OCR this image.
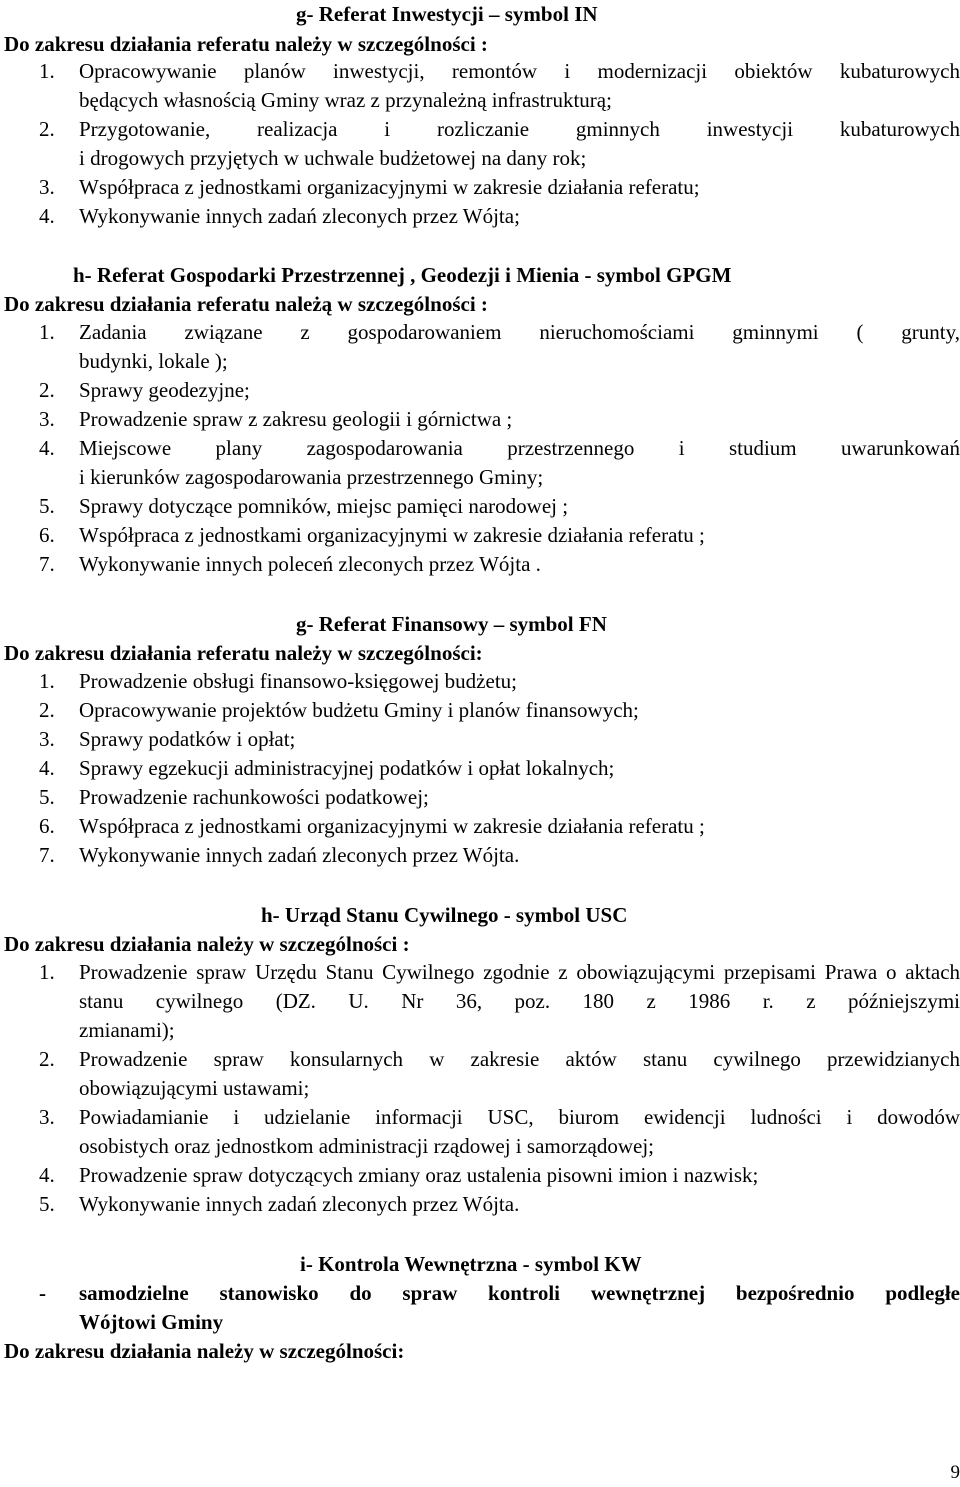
g- Referat Inwestycji – symbol IN
Do zakresu działania referatu należy w szczególności :
1. Opracowywanie planów inwestycji, remontów i modernizacji obiektów kubaturowych
będących własnością Gminy wraz z przynależną infrastrukturą;
2. Przygotowanie, realizacja i rozliczanie gminnych inwestycji kubaturowych
i drogowych przyjętych w uchwale budżetowej na dany rok;
3. Współpraca z jednostkami organizacyjnymi w zakresie działania referatu;
4. Wykonywanie innych zadań zleconych przez Wójta;
h- Referat Gospodarki Przestrzennej , Geodezji i Mienia - symbol GPGM
Do zakresu działania referatu należą w szczególności :
1. Zadania związane z gospodarowaniem nieruchomościami gminnymi ( grunty,
budynki, lokale );
2. Sprawy geodezyjne;
3. Prowadzenie spraw z zakresu geologii i górnictwa ;
4. Miejscowe plany zagospodarowania przestrzennego i studium uwarunkowań
i kierunków zagospodarowania przestrzennego Gminy;
5. Sprawy dotyczące pomników, miejsc pamięci narodowej ;
6. Współpraca z jednostkami organizacyjnymi w zakresie działania referatu ;
7. Wykonywanie innych poleceń zleconych przez Wójta .
g- Referat Finansowy – symbol FN
Do zakresu działania referatu należy w szczególności:
1. Prowadzenie obsługi finansowo-księgowej budżetu;
2. Opracowywanie projektów budżetu Gminy i planów finansowych;
3. Sprawy podatków i opłat;
4. Sprawy egzekucji administracyjnej podatków i opłat lokalnych;
5. Prowadzenie rachunkowości podatkowej;
6. Współpraca z jednostkami organizacyjnymi w zakresie działania referatu ;
7. Wykonywanie innych zadań zleconych przez Wójta.
h- Urząd Stanu Cywilnego - symbol USC
Do zakresu działania należy w szczególności :
1. Prowadzenie spraw Urzędu Stanu Cywilnego zgodnie z obowiązującymi przepisami Prawa o aktach stanu cywilnego (DZ. U. Nr 36, poz. 180 z 1986 r. z późniejszymi
zmianami);
2. Prowadzenie spraw konsularnych w zakresie aktów stanu cywilnego przewidzianych
obowiązującymi ustawami;
3. Powiadamianie i udzielanie informacji USC, biurom ewidencji ludności i dowodów
osobistych oraz jednostkom administracji rządowej i samorządowej;
4. Prowadzenie spraw dotyczących zmiany oraz ustalenia pisowni imion i nazwisk;
5. Wykonywanie innych zadań zleconych przez Wójta.
i- Kontrola Wewnętrzna - symbol KW
- samodzielne stanowisko do spraw kontroli wewnętrznej bezpośrednio podległe
Wójtowi Gminy
Do zakresu działania należy w szczególności:
9
